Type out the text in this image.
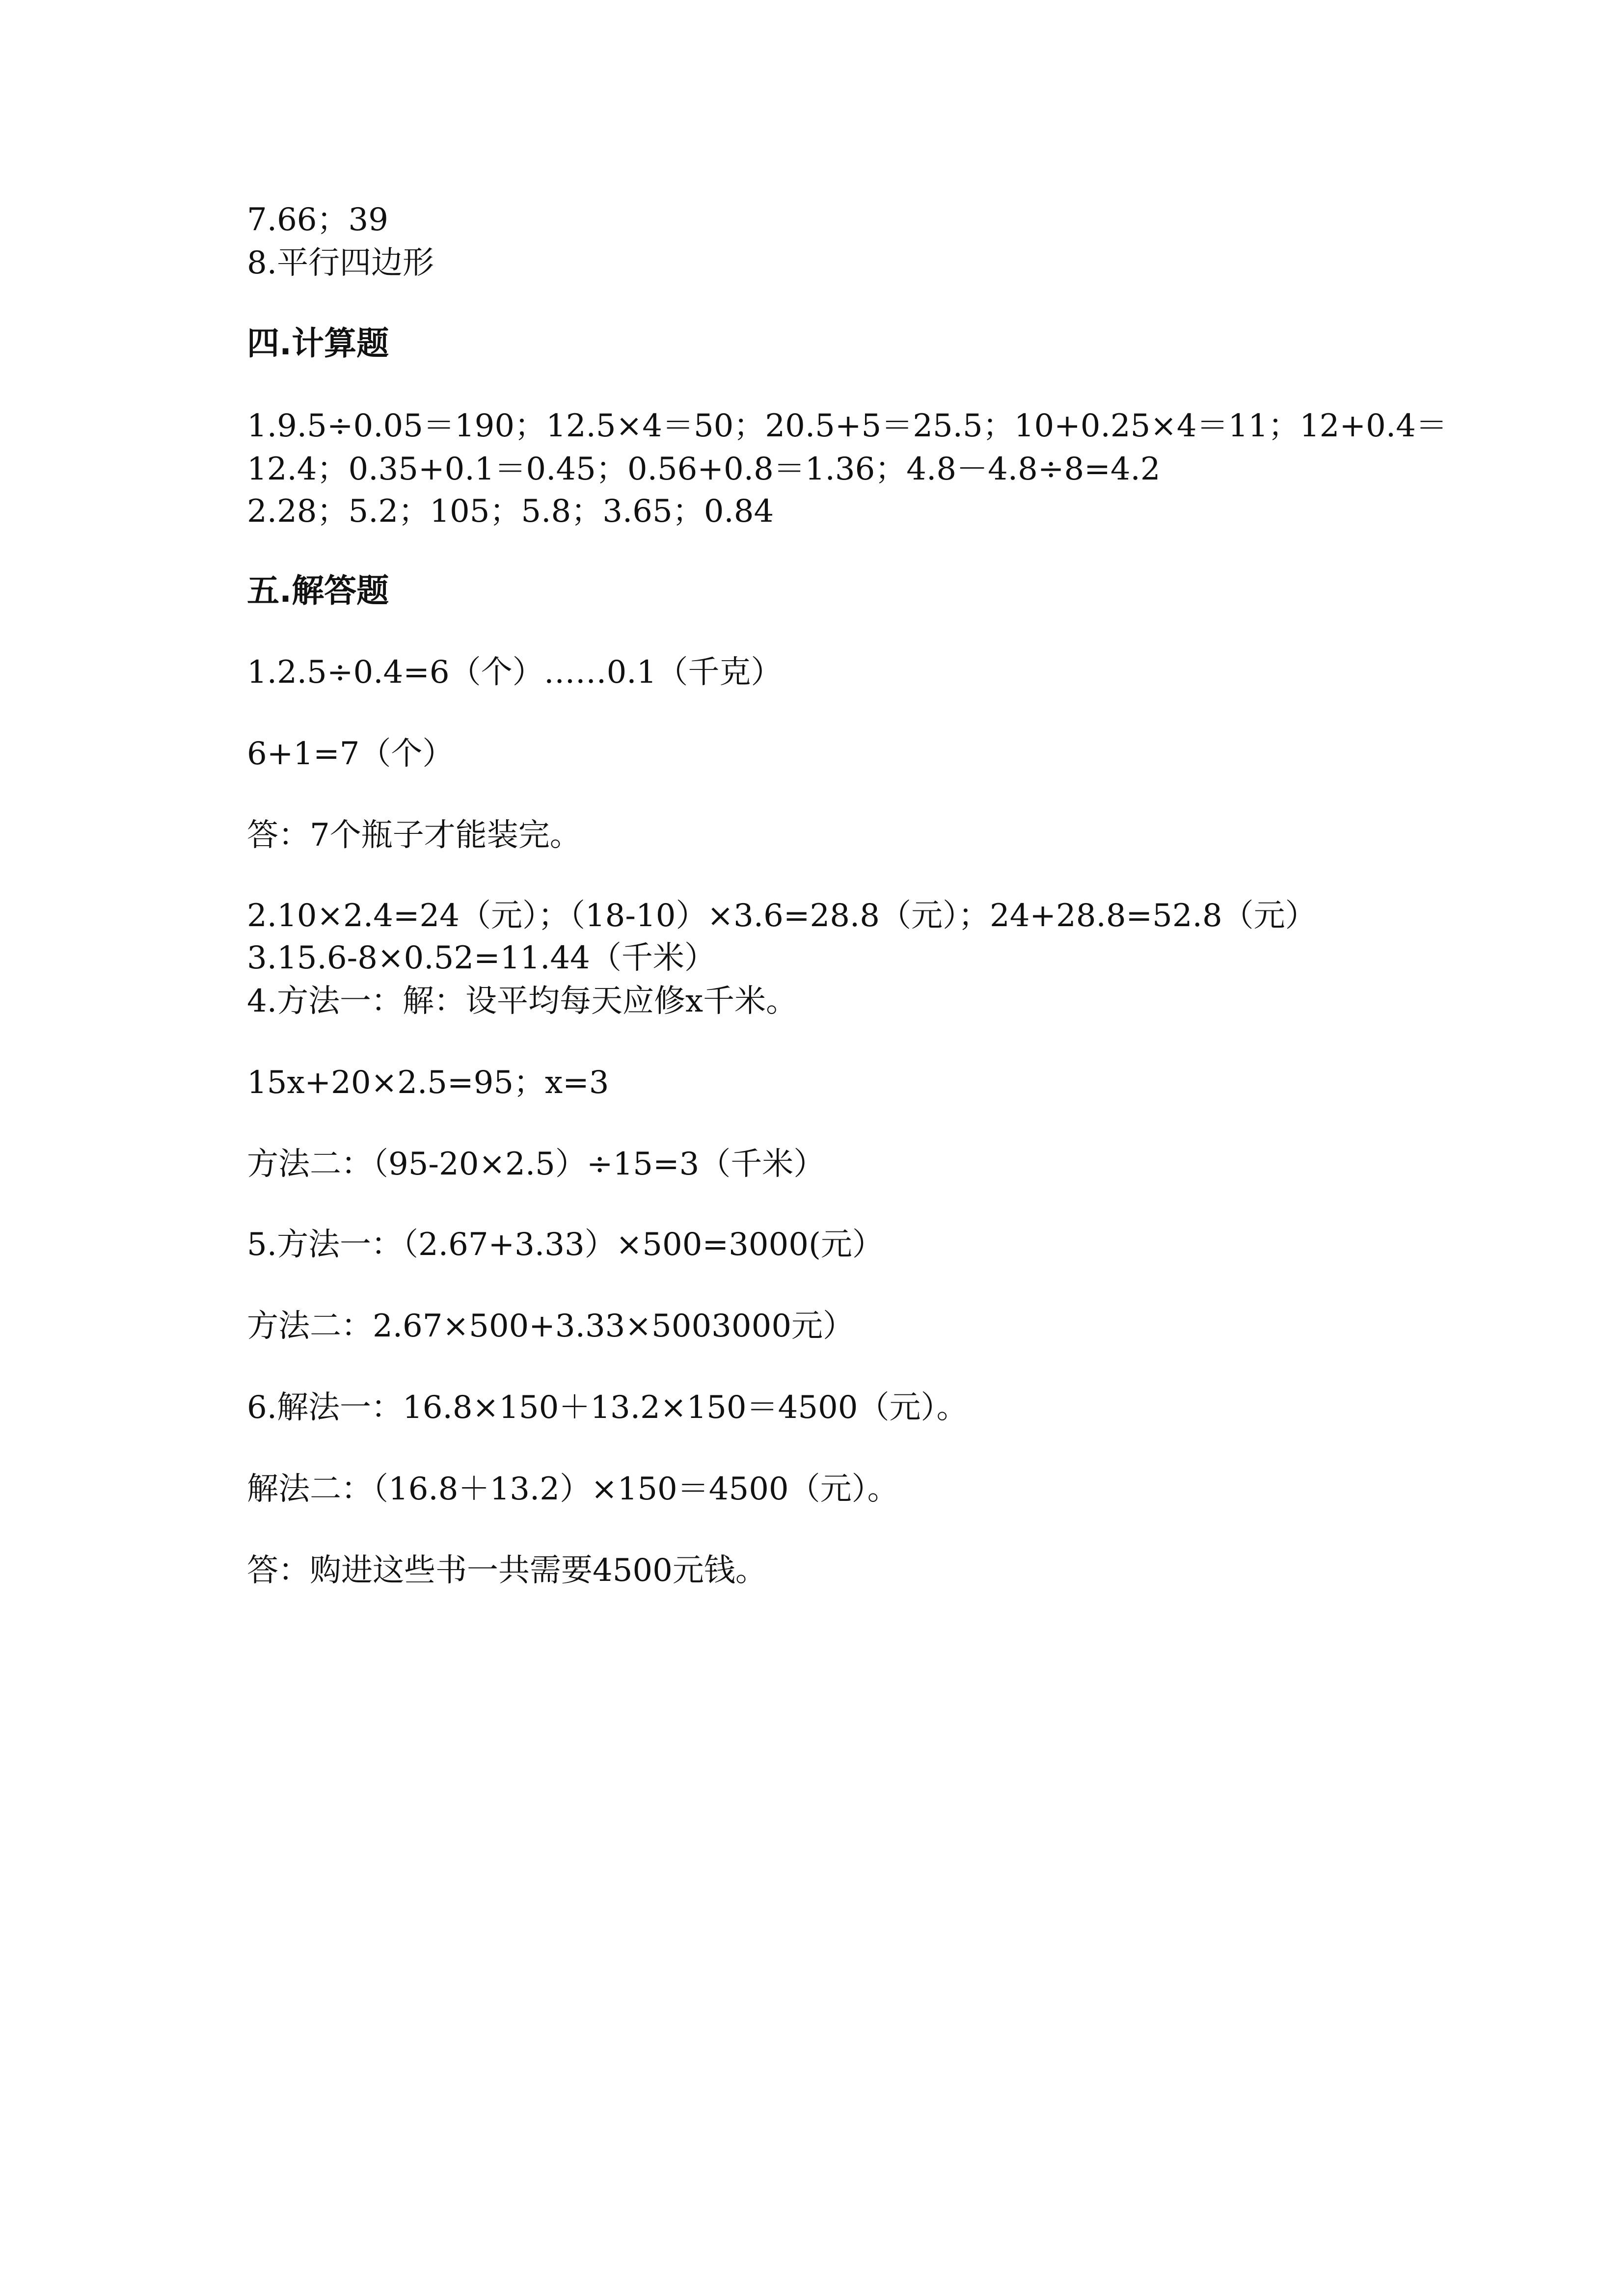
7.66；39

8.平行四边形

四.计算题

1.9.5÷0.05＝190；12.5×4＝50；20.5+5＝25.5；10+0.25×4＝11；12+0.4＝

12.4；0.35+0.1＝0.45；0.56+0.8＝1.36；4.8－4.8÷8=4.2

2.28；5.2；105；5.8；3.65；0.84

五.解答题

1.2.5÷0.4=6（个）……0.1（千克）

6+1=7（个）

答：7个瓶子才能装完。

2.10×2.4=24（元）；（18-10）×3.6=28.8（元）；24+28.8=52.8（元）

3.15.6-8×0.52=11.44（千米）

4.方法一：解：设平均每天应修x千米。

15x+20×2.5=95；x=3

方法二：（95-20×2.5）÷15=3（千米）

5.方法一：（2.67+3.33）×500=3000(元）

方法二：2.67×500+3.33×5003000元）

6.解法一：16.8×150＋13.2×150＝4500（元）。

解法二：（16.8＋13.2）×150＝4500（元）。

答：购进这些书一共需要4500元钱。
